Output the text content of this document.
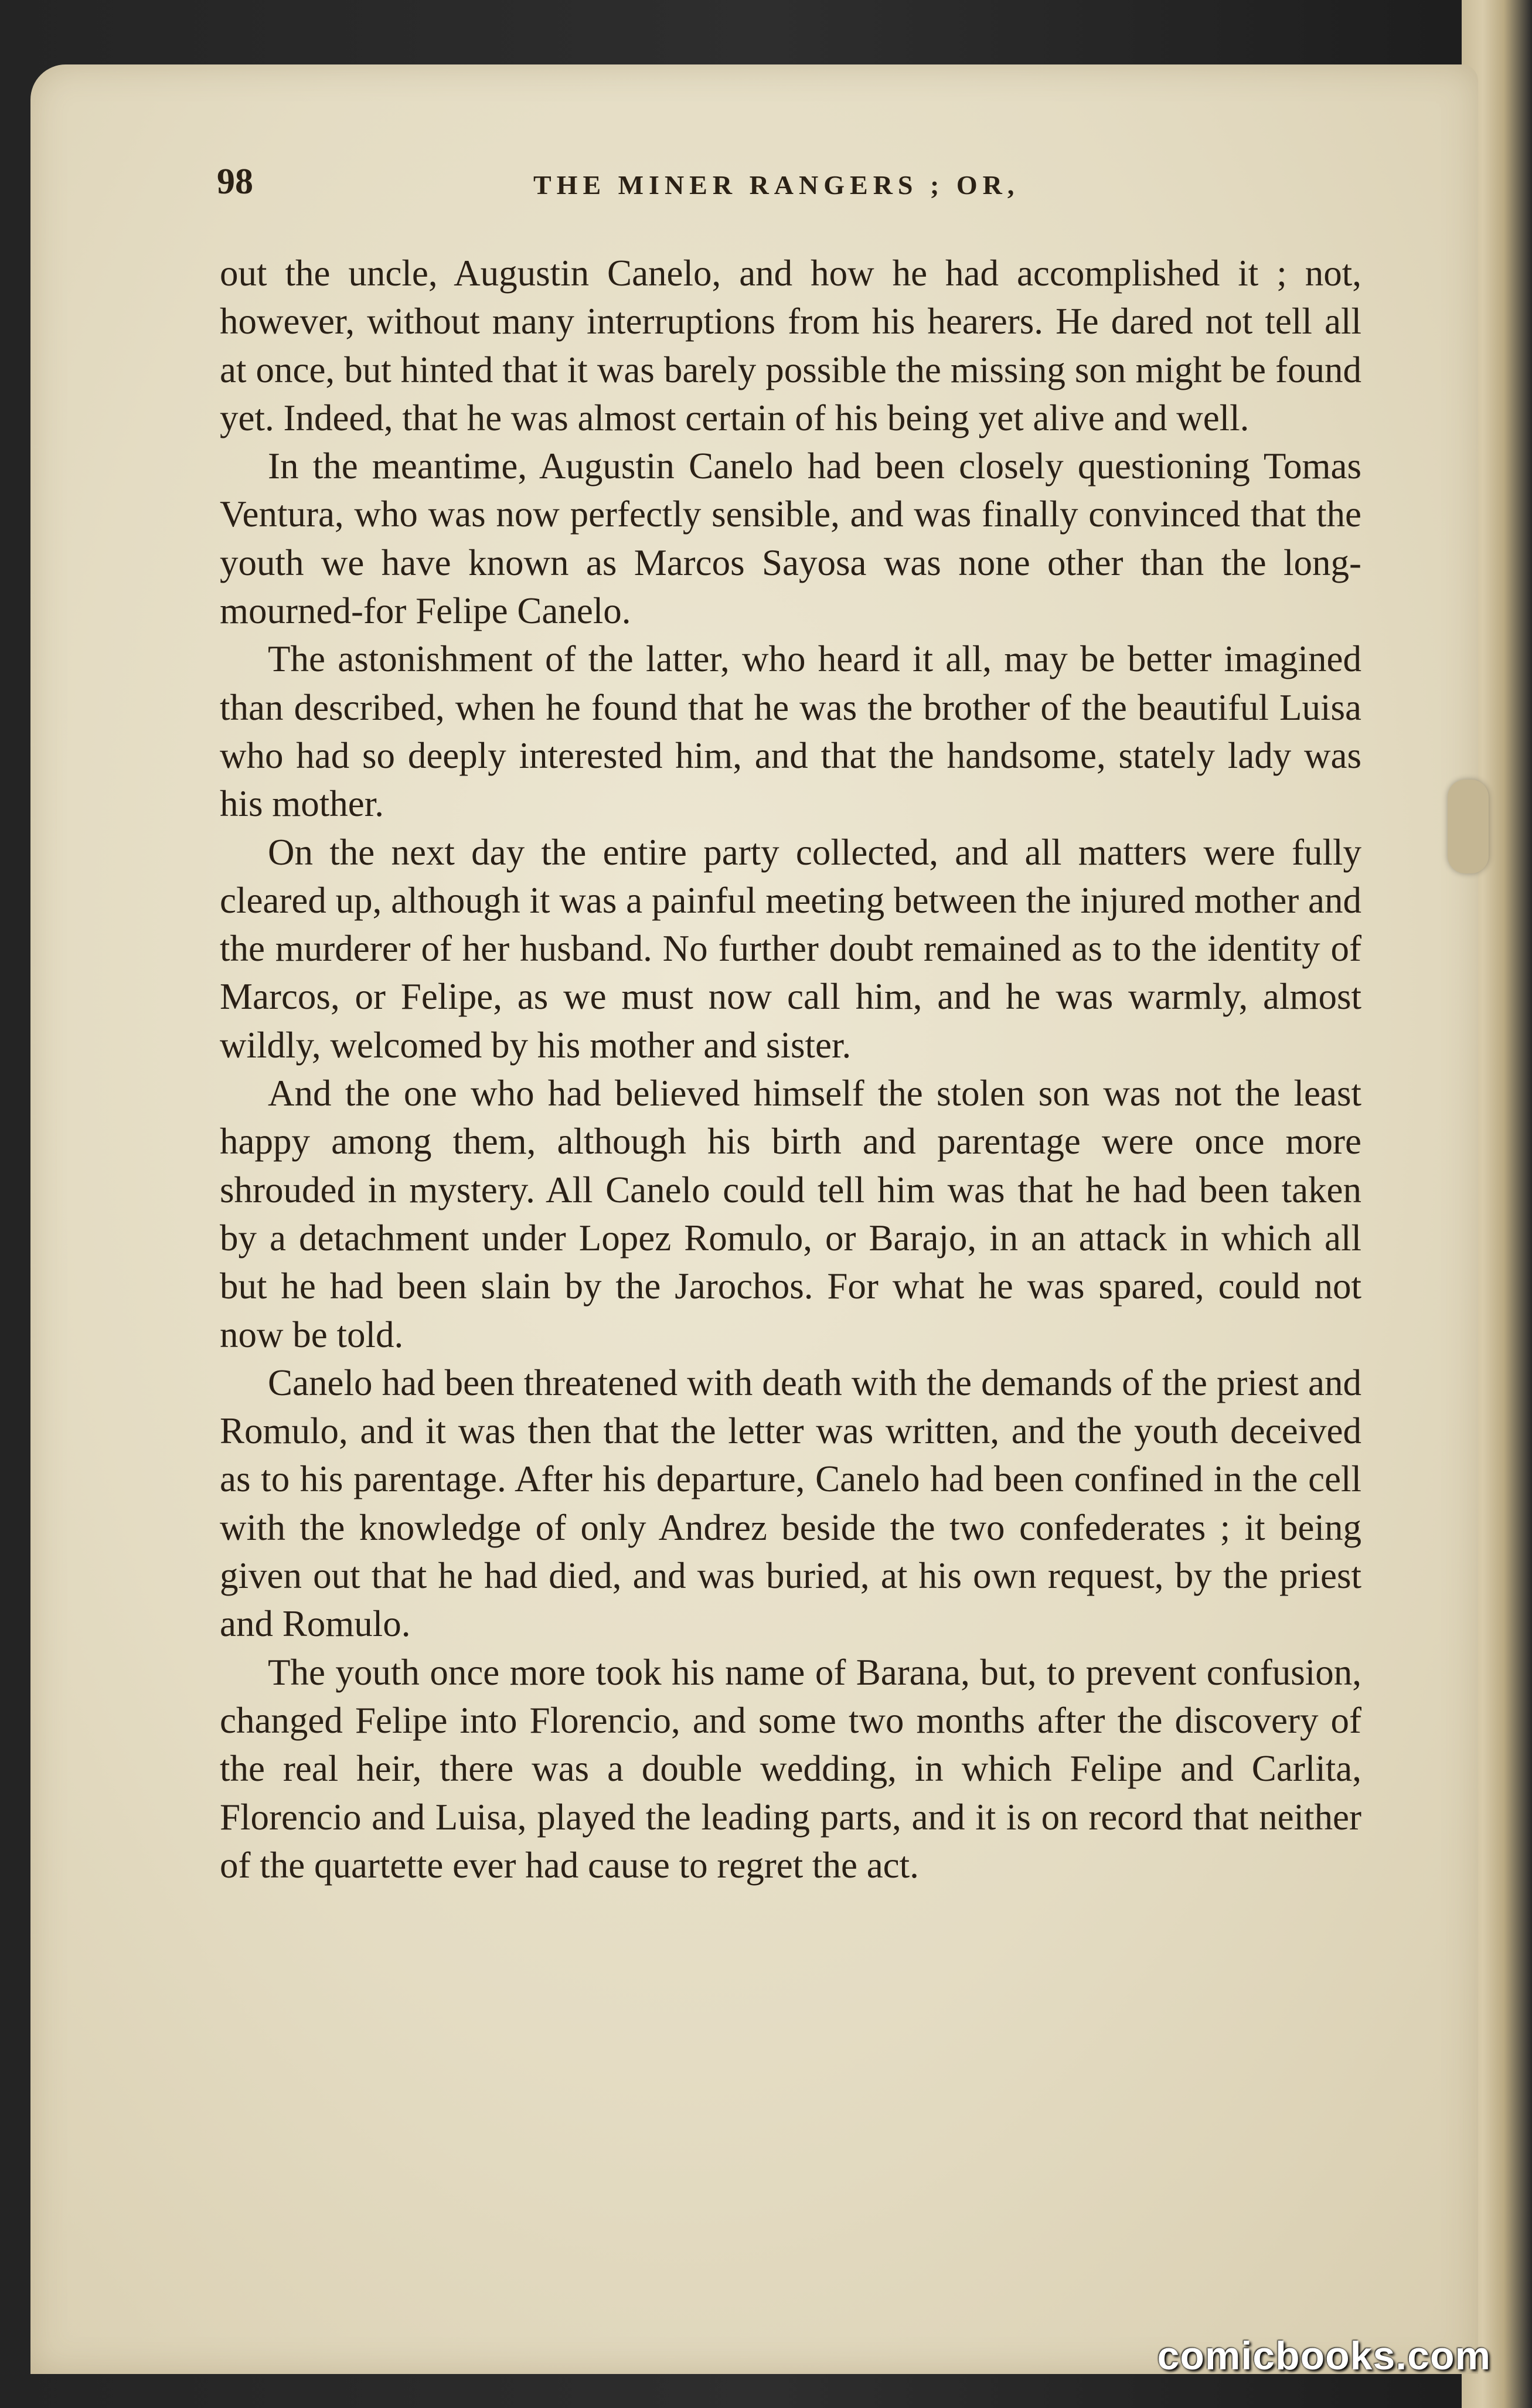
98	THE MINER RANGERS ; OR,

out the uncle, Augustin Canelo, and how he had accomplished it ; not, however, without many interruptions from his hearers. He dared not tell all at once, but hinted that it was barely possible the missing son might be found yet. Indeed, that he was almost certain of his being yet alive and well.

In the meantime, Augustin Canelo had been closely questioning Tomas Ventura, who was now perfectly sensible, and was finally convinced that the youth we have known as Marcos Sayosa was none other than the long-mourned-for Felipe Canelo.

The astonishment of the latter, who heard it all, may be better imagined than described, when he found that he was the brother of the beautiful Luisa who had so deeply interested him, and that the handsome, stately lady was his mother.

On the next day the entire party collected, and all matters were fully cleared up, although it was a painful meeting between the injured mother and the murderer of her husband. No further doubt remained as to the identity of Marcos, or Felipe, as we must now call him, and he was warmly, almost wildly, welcomed by his mother and sister.

And the one who had believed himself the stolen son was not the least happy among them, although his birth and parentage were once more shrouded in mystery. All Canelo could tell him was that he had been taken by a detachment under Lopez Romulo, or Barajo, in an attack in which all but he had been slain by the Jarochos. For what he was spared, could not now be told.

Canelo had been threatened with death with the demands of the priest and Romulo, and it was then that the letter was written, and the youth deceived as to his parentage. After his departure, Canelo had been confined in the cell with the knowledge of only Andrez beside the two confederates ; it being given out that he had died, and was buried, at his own request, by the priest and Romulo.

The youth once more took his name of Barana, but, to prevent confusion, changed Felipe into Florencio, and some two months after the discovery of the real heir, there was a double wedding, in which Felipe and Carlita, Florencio and Luisa, played the leading parts, and it is on record that neither of the quartette ever had cause to regret the act.

comicbooks.com
